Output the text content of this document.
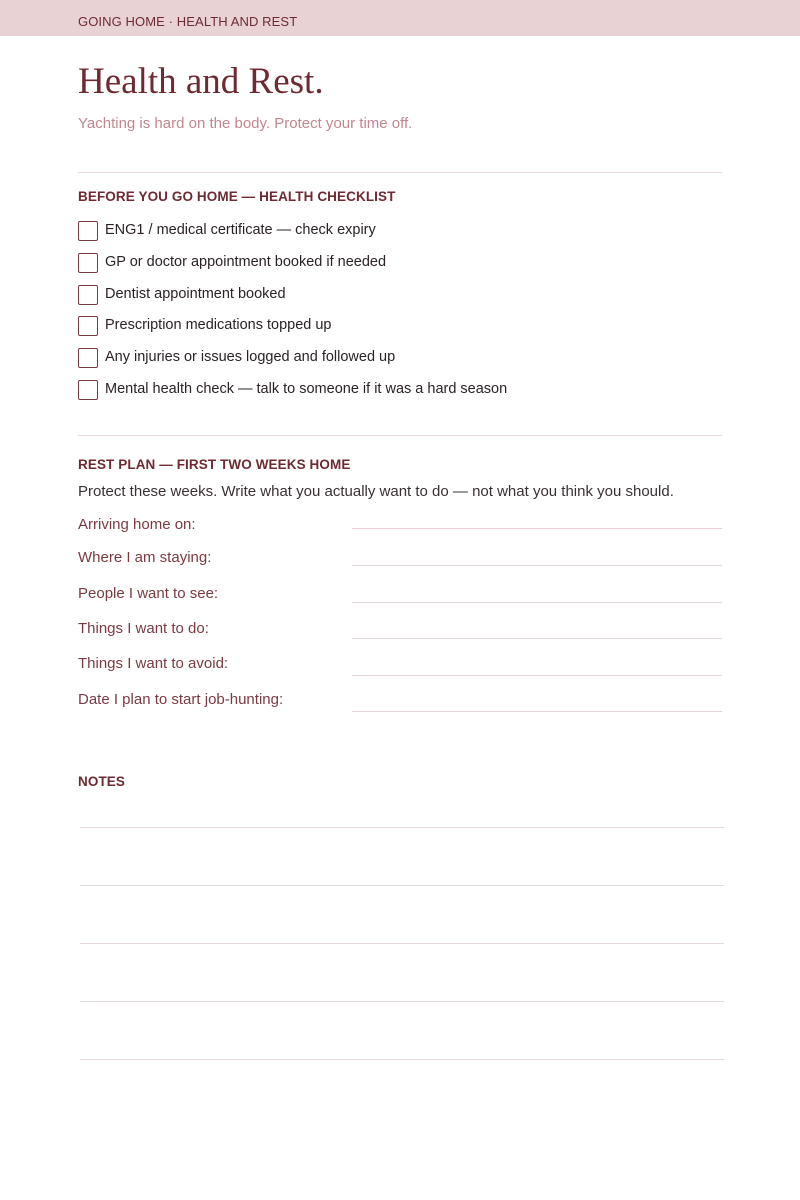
GOING HOME · HEALTH AND REST
Health and Rest.
Yachting is hard on the body. Protect your time off.
BEFORE YOU GO HOME — HEALTH CHECKLIST
ENG1 / medical certificate — check expiry
GP or doctor appointment booked if needed
Dentist appointment booked
Prescription medications topped up
Any injuries or issues logged and followed up
Mental health check — talk to someone if it was a hard season
REST PLAN — FIRST TWO WEEKS HOME
Protect these weeks. Write what you actually want to do — not what you think you should.
Arriving home on:
Where I am staying:
People I want to see:
Things I want to do:
Things I want to avoid:
Date I plan to start job-hunting:
NOTES
